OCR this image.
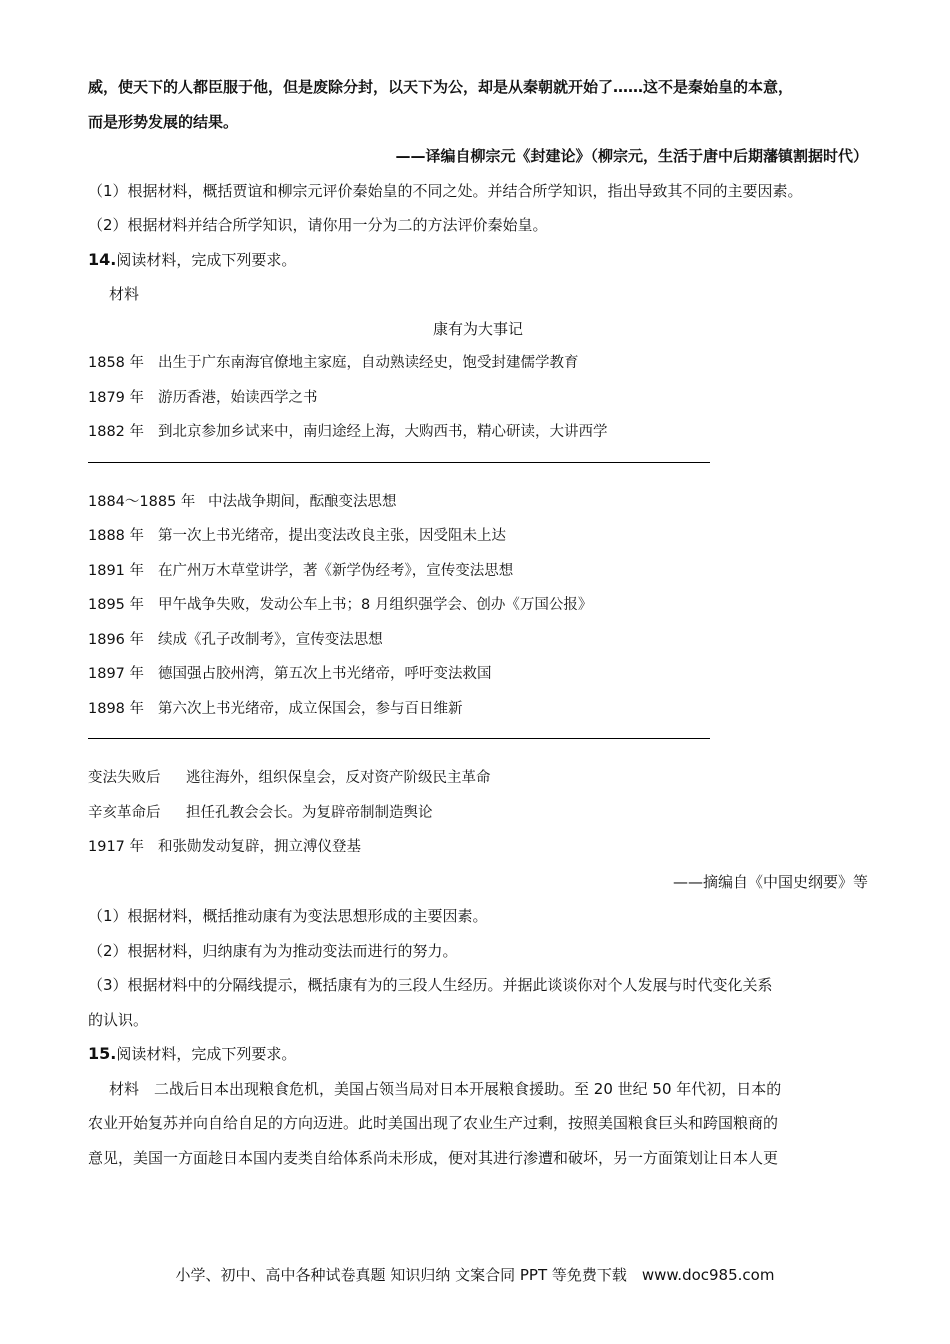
威，使天下的人都臣服于他，但是废除分封，以天下为公，却是从秦朝就开始了……这不是秦始皇的本意，

而是形势发展的结果。

——译编自柳宗元《封建论》（柳宗元，生活于唐中后期藩镇割据时代）

（1）根据材料，概括贾谊和柳宗元评价秦始皇的不同之处。并结合所学知识，指出导致其不同的主要因素。

（2）根据材料并结合所学知识，请你用一分为二的方法评价秦始皇。

14.阅读材料，完成下列要求。

材料

康有为大事记

1858 年 出生于广东南海官僚地主家庭，自动熟读经史，饱受封建儒学教育
1879 年 游历香港，始读西学之书
1882 年 到北京参加乡试来中，南归途经上海，大购西书，精心研读，大讲西学
1884～1885 年 中法战争期间，酝酿变法思想
1888 年 第一次上书光绪帝，提出变法改良主张，因受阻未上达
1891 年 在广州万木草堂讲学，著《新学伪经考》，宣传变法思想
1895 年 甲午战争失败，发动公车上书；8 月组织强学会、创办《万国公报》
1896 年 续成《孔子改制考》，宣传变法思想
1897 年 德国强占胶州湾，第五次上书光绪帝，呼吁变法救国
1898 年 第六次上书光绪帝，成立保国会，参与百日维新
变法失败后	逃往海外，组织保皇会，反对资产阶级民主革命
辛亥革命后	担任孔教会会长。为复辟帝制制造舆论
1917 年 和张勋发动复辟，拥立溥仪登基

——摘编自《中国史纲要》等

（1）根据材料，概括推动康有为变法思想形成的主要因素。

（2）根据材料，归纳康有为为推动变法而进行的努力。

（3）根据材料中的分隔线提示，概括康有为的三段人生经历。并据此谈谈你对个人发展与时代变化关系

的认识。

15.阅读材料，完成下列要求。

材料　二战后日本出现粮食危机，美国占领当局对日本开展粮食援助。至 20 世纪 50 年代初，日本的

农业开始复苏并向自给自足的方向迈进。此时美国出现了农业生产过剩，按照美国粮食巨头和跨国粮商的

意见，美国一方面趁日本国内麦类自给体系尚未形成，便对其进行渗遭和破坏，另一方面策划让日本人更

小学、初中、高中各种试卷真题 知识归纳 文案合同 PPT 等免费下载　www.doc985.com
